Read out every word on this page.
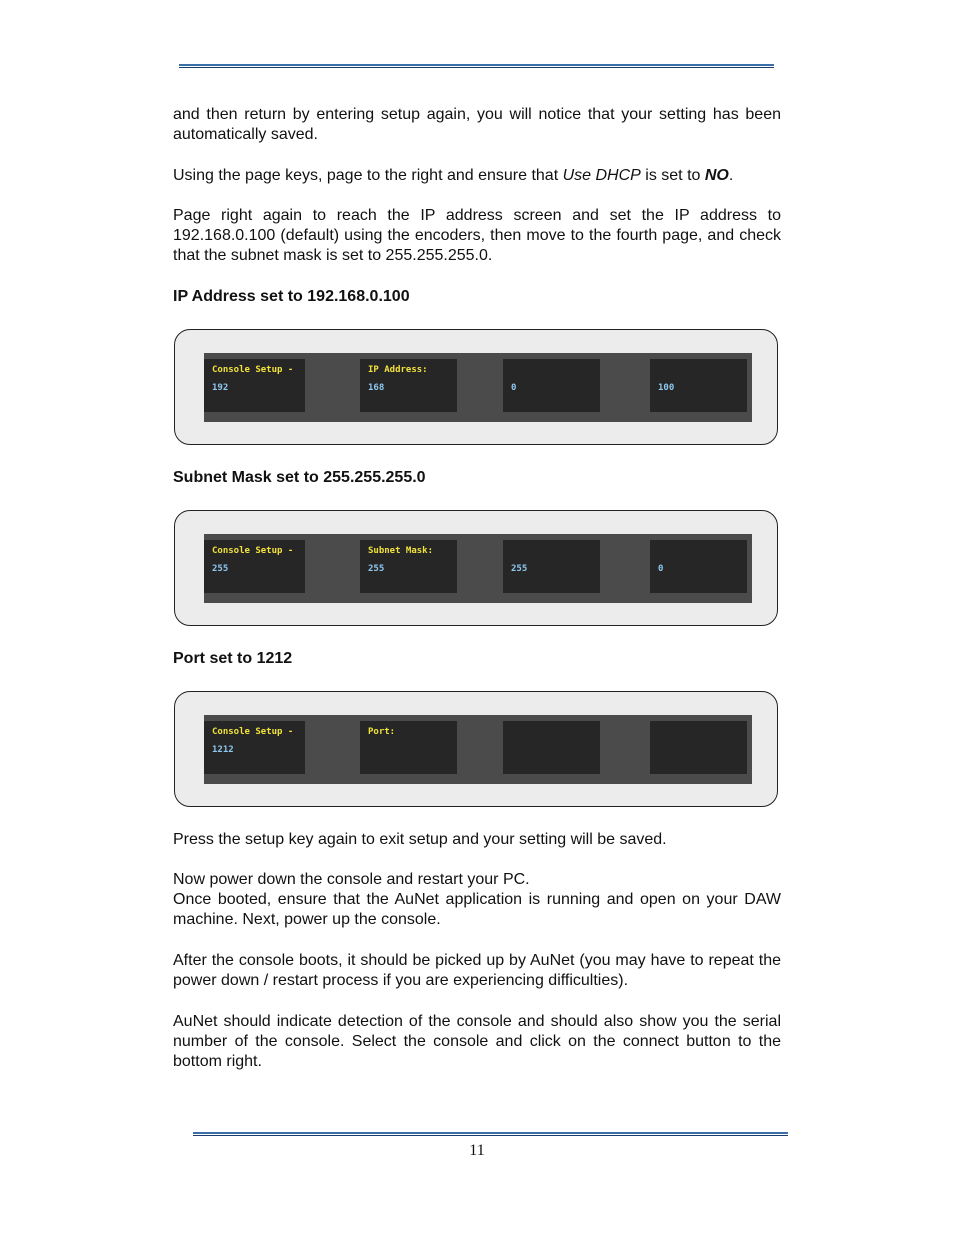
and then return by entering setup again, you will notice that your setting has been automatically saved.

Using the page keys, page to the right and ensure that Use DHCP is set to NO.

Page right again to reach the IP address screen and set the IP address to 192.168.0.100 (default) using the encoders, then move to the fourth page, and check that the subnet mask is set to 255.255.255.0.

IP Address set to 192.168.0.100

Console Setup -
192
IP Address:
168	0	100

Subnet Mask set to 255.255.255.0

Console Setup -
255
Subnet Mask:
255	255	0

Port set to 1212

Console Setup -
1212
Port:

Press the setup key again to exit setup and your setting will be saved.

Now power down the console and restart your PC.

Once booted, ensure that the AuNet application is running and open on your DAW machine. Next, power up the console.

After the console boots, it should be picked up by AuNet (you may have to repeat the power down / restart process if you are experiencing difficulties).

AuNet should indicate detection of the console and should also show you the serial number of the console. Select the console and click on the connect button to the bottom right.

11
